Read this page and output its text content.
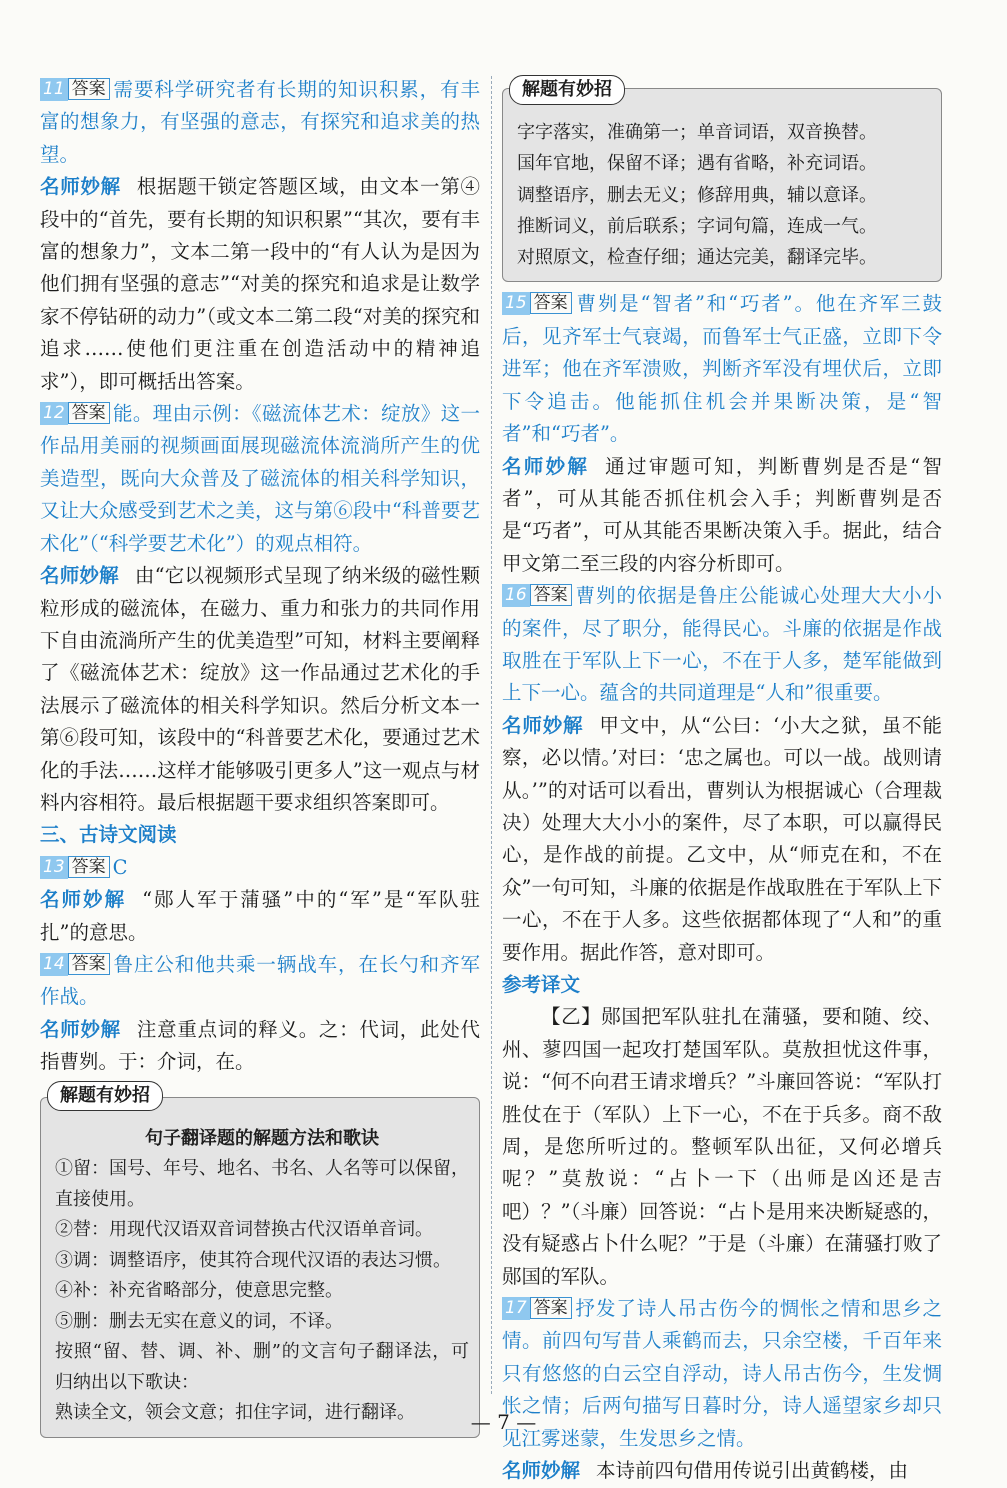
11 答案 需要科学研究者有长期的知识积累，有丰富的想象力，有坚强的意志，有探究和追求美的热望。

名师妙解 根据题干锁定答题区域，由文本一第④段中的“首先，要有长期的知识积累”“其次，要有丰富的想象力”，文本二第一段中的“有人认为是因为他们拥有坚强的意志”“对美的探究和追求是让数学家不停钻研的动力”（或文本二第二段“对美的探究和追求……使他们更注重在创造活动中的精神追求”），即可概括出答案。

12 答案 能。理由示例：《磁流体艺术：绽放》这一作品用美丽的视频画面展现磁流体流淌所产生的优美造型，既向大众普及了磁流体的相关科学知识，又让大众感受到艺术之美，这与第⑥段中“科普要艺术化”（“科学要艺术化”）的观点相符。

名师妙解 由“它以视频形式呈现了纳米级的磁性颗粒形成的磁流体，在磁力、重力和张力的共同作用下自由流淌所产生的优美造型”可知，材料主要阐释了《磁流体艺术：绽放》这一作品通过艺术化的手法展示了磁流体的相关科学知识。然后分析文本一第⑥段可知，该段中的“科普要艺术化，要通过艺术化的手法……这样才能够吸引更多人”这一观点与材料内容相符。最后根据题干要求组织答案即可。

三、古诗文阅读

13 答案 C

名师妙解 “郧人军于蒲骚”中的“军”是“军队驻扎”的意思。

14 答案 鲁庄公和他共乘一辆战车，在长勺和齐军作战。

名师妙解 注意重点词的释义。之：代词，此处代指曹刿。于：介词，在。

解题有妙招

句子翻译题的解题方法和歌诀

①留：国号、年号、地名、书名、人名等可以保留，直接使用。

②替：用现代汉语双音词替换古代汉语单音词。

③调：调整语序，使其符合现代汉语的表达习惯。

④补：补充省略部分，使意思完整。

⑤删：删去无实在意义的词，不译。

按照“留、替、调、补、删”的文言句子翻译法，可归纳出以下歌诀：

熟读全文，领会文意；扣住字词，进行翻译。

解题有妙招

字字落实，准确第一；单音词语，双音换替。

国年官地，保留不译；遇有省略，补充词语。

调整语序，删去无义；修辞用典，辅以意译。

推断词义，前后联系；字词句篇，连成一气。

对照原文，检查仔细；通达完美，翻译完毕。

15 答案 曹刿是“智者”和“巧者”。他在齐军三鼓后，见齐军士气衰竭，而鲁军士气正盛，立即下令进军；他在齐军溃败，判断齐军没有埋伏后，立即下令追击。他能抓住机会并果断决策，是“智者”和“巧者”。

名师妙解 通过审题可知，判断曹刿是否是“智者”，可从其能否抓住机会入手；判断曹刿是否是“巧者”，可从其能否果断决策入手。据此，结合甲文第二至三段的内容分析即可。

16 答案 曹刿的依据是鲁庄公能诚心处理大大小小的案件，尽了职分，能得民心。斗廉的依据是作战取胜在于军队上下一心，不在于人多，楚军能做到上下一心。蕴含的共同道理是“人和”很重要。

名师妙解 甲文中，从“公曰：‘小大之狱，虽不能察，必以情。’对曰：‘忠之属也。可以一战。战则请从。’”的对话可以看出，曹刿认为根据诚心（合理裁决）处理大大小小的案件，尽了本职，可以赢得民心，是作战的前提。乙文中，从“师克在和，不在众”一句可知，斗廉的依据是作战取胜在于军队上下一心，不在于人多。这些依据都体现了“人和”的重要作用。据此作答，意对即可。

参考译文

【乙】郧国把军队驻扎在蒲骚，要和随、绞、州、蓼四国一起攻打楚国军队。莫敖担忧这件事，说：“何不向君王请求增兵？”斗廉回答说：“军队打胜仗在于（军队）上下一心，不在于兵多。商不敌周，是您所听过的。整顿军队出征，又何必增兵呢？”莫敖说：“占卜一下（出师是凶还是吉吧）？”（斗廉）回答说：“占卜是用来决断疑惑的，没有疑惑占卜什么呢？”于是（斗廉）在蒲骚打败了郧国的军队。

17 答案 抒发了诗人吊古伤今的惆怅之情和思乡之情。前四句写昔人乘鹤而去，只余空楼，千百年来只有悠悠的白云空自浮动，诗人吊古伤今，生发惆怅之情；后两句描写日暮时分，诗人遥望家乡却只见江雾迷蒙，生发思乡之情。

名师妙解 本诗前四句借用传说引出黄鹤楼，由

— 7 —
